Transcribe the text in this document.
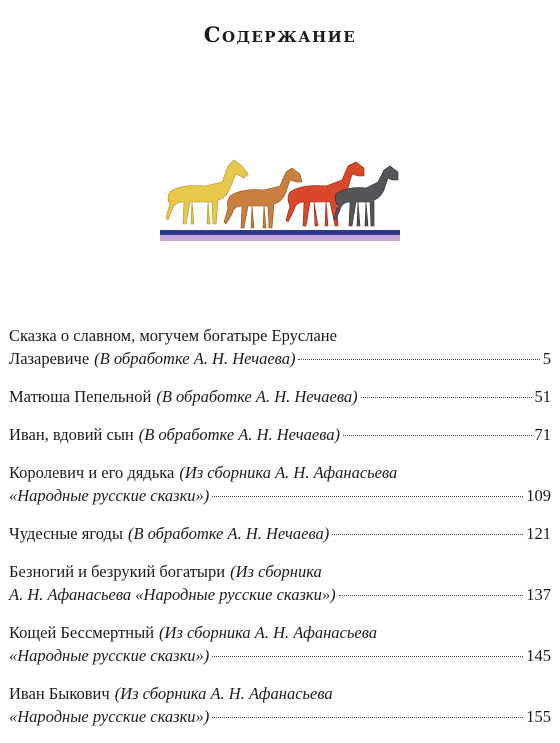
Содержание
Сказка о славном, могучем богатыре Еруслане
Лазаревиче (В обработке А. Н. Нечаева)	5
Матюша Пепельной (В обработке А. Н. Нечаева)	51
Иван, вдовий сын (В обработке А. Н. Нечаева)	71
Королевич и его дядька (Из сборника А. Н. Афанасьева
«Народные русские сказки»)	109
Чудесные ягоды (В обработке А. Н. Нечаева)	121
Безногий и безрукий богатыри (Из сборника
А. Н. Афанасьева «Народные русские сказки»)	137
Кощей Бессмертный (Из сборника А. Н. Афанасьева
«Народные русские сказки»)	145
Иван Быкович (Из сборника А. Н. Афанасьева
«Народные русские сказки»)	155
